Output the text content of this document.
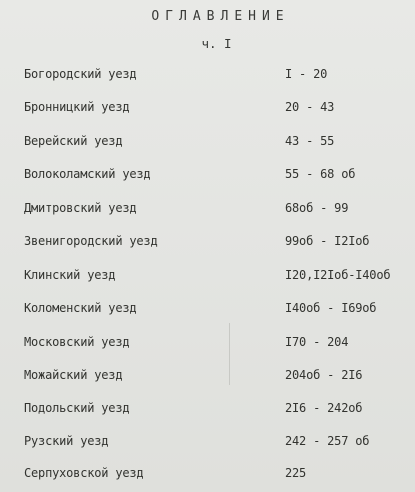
ОГЛАВЛЕНИЕ
ч. I
Богородский уезд	I - 20
Бронницкий уезд	20 - 43
Верейский уезд	43 - 55
Волоколамский уезд	55 - 68 об
Дмитровский уезд	68об - 99
Звенигородский уезд	99об - I2Iоб
Клинский уезд	I20,I2Iоб-I40об
Коломенский уезд	I40об - I69об
Московский уезд	I70 - 204
Можайский уезд	204об - 2I6
Подольский уезд	2I6 - 242об
Рузский уезд	242 - 257 об
Серпуховской уезд	225
